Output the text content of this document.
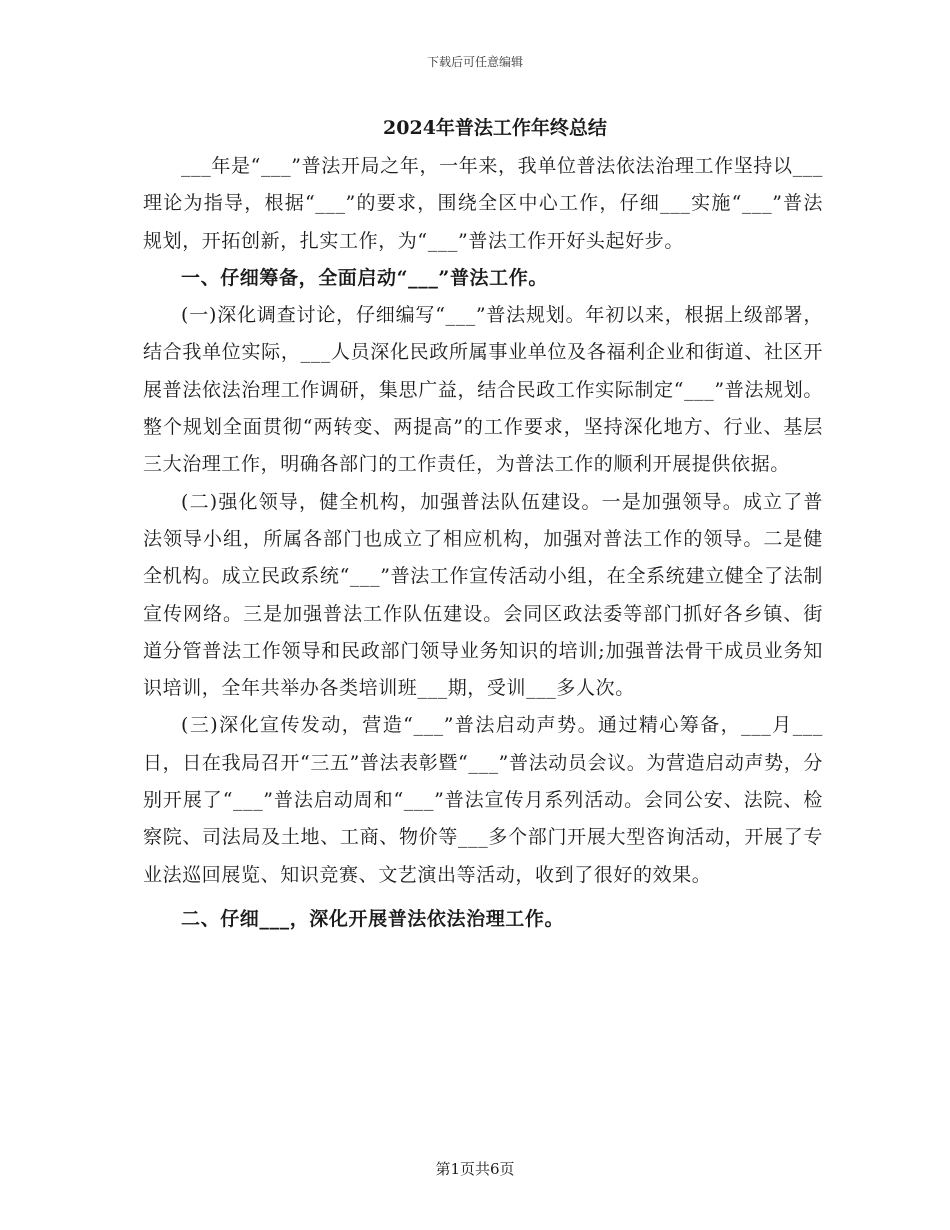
下载后可任意编辑
2024年普法工作年终总结

___年是“___”普法开局之年，一年来，我单位普法依法治理工作坚持以___理论为指导，根据“___”的要求，围绕全区中心工作，仔细___实施“___”普法规划，开拓创新，扎实工作，为“___”普法工作开好头起好步。

一、仔细筹备，全面启动“___”普法工作。

(一)深化调查讨论，仔细编写“___”普法规划。年初以来，根据上级部署，结合我单位实际，___人员深化民政所属事业单位及各福利企业和街道、社区开展普法依法治理工作调研，集思广益，结合民政工作实际制定“___”普法规划。整个规划全面贯彻“两转变、两提高”的工作要求，坚持深化地方、行业、基层三大治理工作，明确各部门的工作责任，为普法工作的顺利开展提供依据。

(二)强化领导，健全机构，加强普法队伍建设。一是加强领导。成立了普法领导小组，所属各部门也成立了相应机构，加强对普法工作的领导。二是健全机构。成立民政系统“___”普法工作宣传活动小组，在全系统建立健全了法制宣传网络。三是加强普法工作队伍建设。会同区政法委等部门抓好各乡镇、街道分管普法工作领导和民政部门领导业务知识的培训;加强普法骨干成员业务知识培训，全年共举办各类培训班___期，受训___多人次。

(三)深化宣传发动，营造“___”普法启动声势。通过精心筹备，___月___日，日在我局召开“三五”普法表彰暨“___”普法动员会议。为营造启动声势，分别开展了“___”普法启动周和“___”普法宣传月系列活动。会同公安、法院、检察院、司法局及土地、工商、物价等___多个部门开展大型咨询活动，开展了专业法巡回展览、知识竞赛、文艺演出等活动，收到了很好的效果。

二、仔细___，深化开展普法依法治理工作。

第1页共6页
